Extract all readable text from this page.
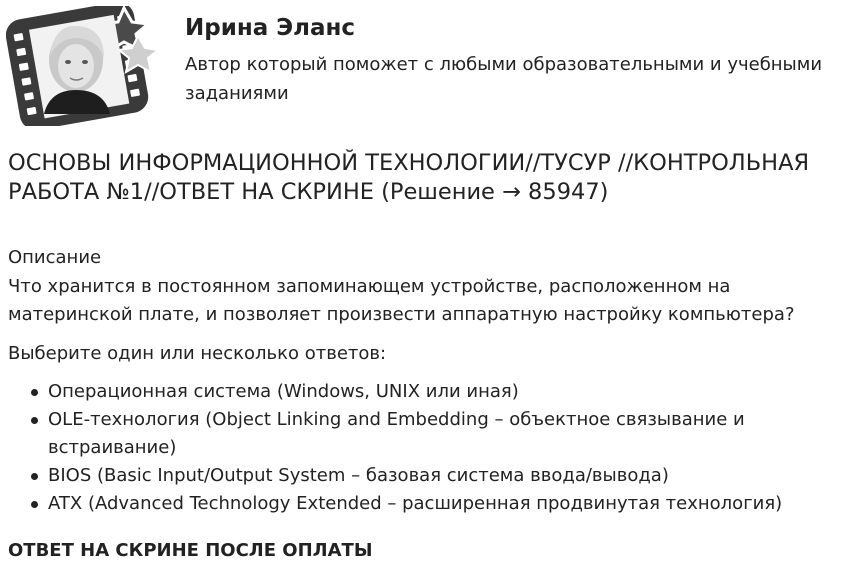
Ирина Эланс

Автор который поможет с любыми образовательными и учебными заданиями

ОСНОВЫ ИНФОРМАЦИОННОЙ ТЕХНОЛОГИИ//ТУСУР //КОНТРОЛЬНАЯ РАБОТА №1//ОТВЕТ НА СКРИНЕ (Решение → 85947)

Описание

Что хранится в постоянном запоминающем устройстве, расположенном на материнской плате, и позволяет произвести аппаратную настройку компьютера?

Выберите один или несколько ответов:

Операционная система (Windows, UNIX или иная)
OLE-технология (Object Linking and Embedding – объектное связывание и встраивание)
BIOS (Basic Input/Output System – базовая система ввода/вывода)
ATX (Advanced Technology Extended – расширенная продвинутая технология)

ОТВЕТ НА СКРИНЕ ПОСЛЕ ОПЛАТЫ
